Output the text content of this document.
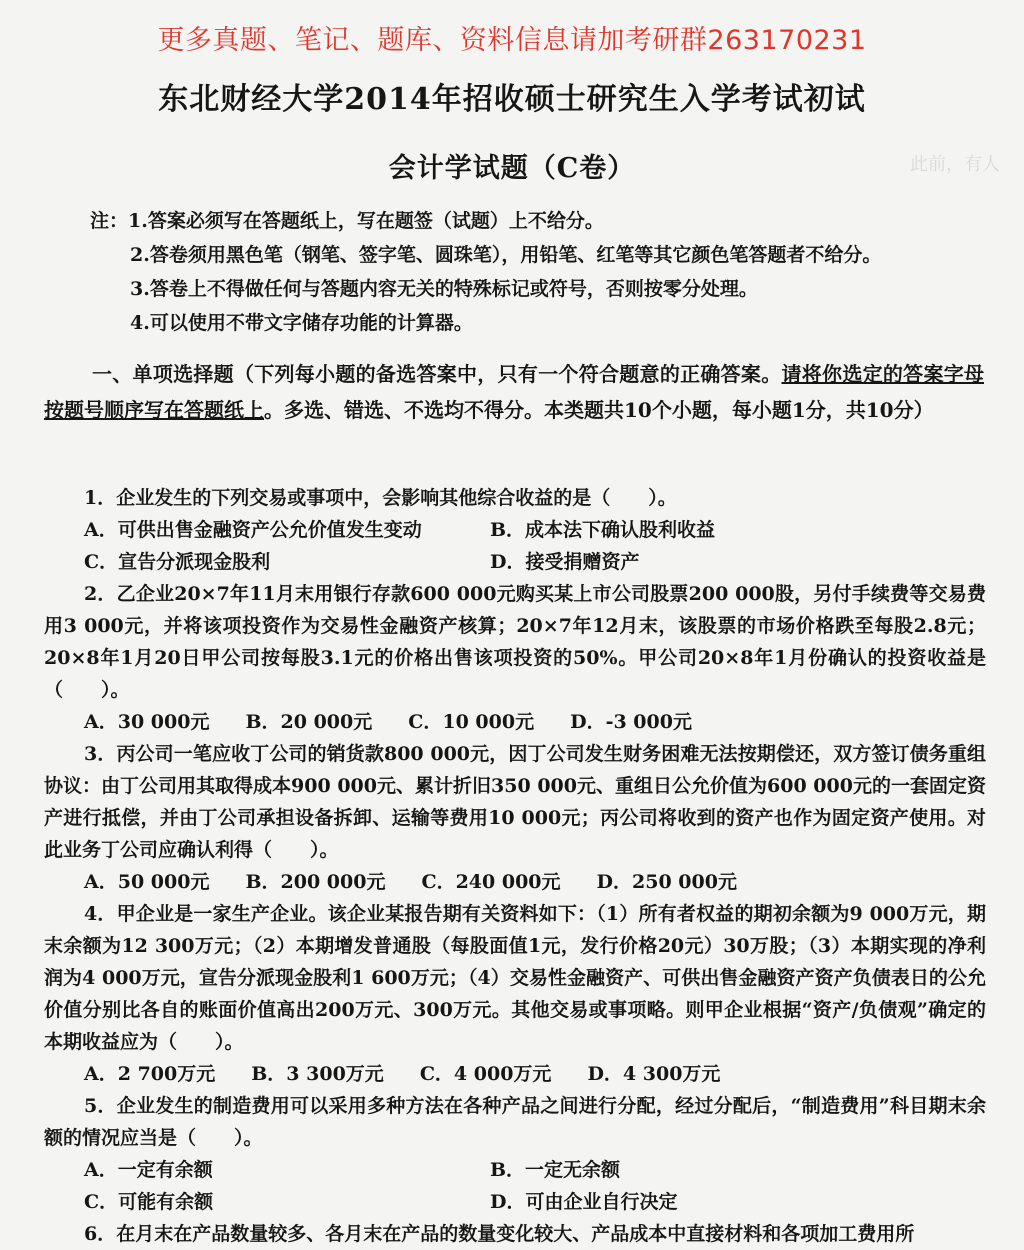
此前，有人
更多真题、笔记、题库、资料信息请加考研群263170231
东北财经大学2014年招收硕士研究生入学考试初试
会计学试题（C卷）
注：1.答案必须写在答题纸上，写在题签（试题）上不给分。
2.答卷须用黑色笔（钢笔、签字笔、圆珠笔），用铅笔、红笔等其它颜色笔答题者不给分。
3.答卷上不得做任何与答题内容无关的特殊标记或符号，否则按零分处理。
4.可以使用不带文字储存功能的计算器。
一、单项选择题（下列每小题的备选答案中，只有一个符合题意的正确答案。请将你选定的答案字母按题号顺序写在答题纸上。多选、错选、不选均不得分。本类题共10个小题，每小题1分，共10分）
1．企业发生的下列交易或事项中，会影响其他综合收益的是（　　）。
A．可供出售金融资产公允价值发生变动	B．成本法下确认股利收益
C．宣告分派现金股利	D．接受捐赠资产
2．乙企业20×7年11月末用银行存款600 000元购买某上市公司股票200 000股，另付手续费等交易费用3 000元，并将该项投资作为交易性金融资产核算；20×7年12月末，该股票的市场价格跌至每股2.8元；20×8年1月20日甲公司按每股3.1元的价格出售该项投资的50%。甲公司20×8年1月份确认的投资收益是（　　）。
A．30 000元 B．20 000元 C．10 000元 D．-3 000元
3．丙公司一笔应收丁公司的销货款800 000元，因丁公司发生财务困难无法按期偿还，双方签订债务重组协议：由丁公司用其取得成本900 000元、累计折旧350 000元、重组日公允价值为600 000元的一套固定资产进行抵偿，并由丁公司承担设备拆卸、运输等费用10 000元；丙公司将收到的资产也作为固定资产使用。对此业务丁公司应确认利得（　　）。
A．50 000元 B．200 000元 C．240 000元 D．250 000元
4．甲企业是一家生产企业。该企业某报告期有关资料如下：（1）所有者权益的期初余额为9 000万元，期末余额为12 300万元；（2）本期增发普通股（每股面值1元，发行价格20元）30万股；（3）本期实现的净利润为4 000万元，宣告分派现金股利1 600万元；（4）交易性金融资产、可供出售金融资产资产负债表日的公允价值分别比各自的账面价值高出200万元、300万元。其他交易或事项略。则甲企业根据“资产/负债观”确定的本期收益应为（　　）。
A．2 700万元 B．3 300万元 C．4 000万元 D．4 300万元
5．企业发生的制造费用可以采用多种方法在各种产品之间进行分配，经过分配后，“制造费用”科目期末余额的情况应当是（　　）。
A．一定有余额	B．一定无余额
C．可能有余额	D．可由企业自行决定
6．在月末在产品数量较多、各月末在产品的数量变化较大、产品成本中直接材料和各项加工费用所
